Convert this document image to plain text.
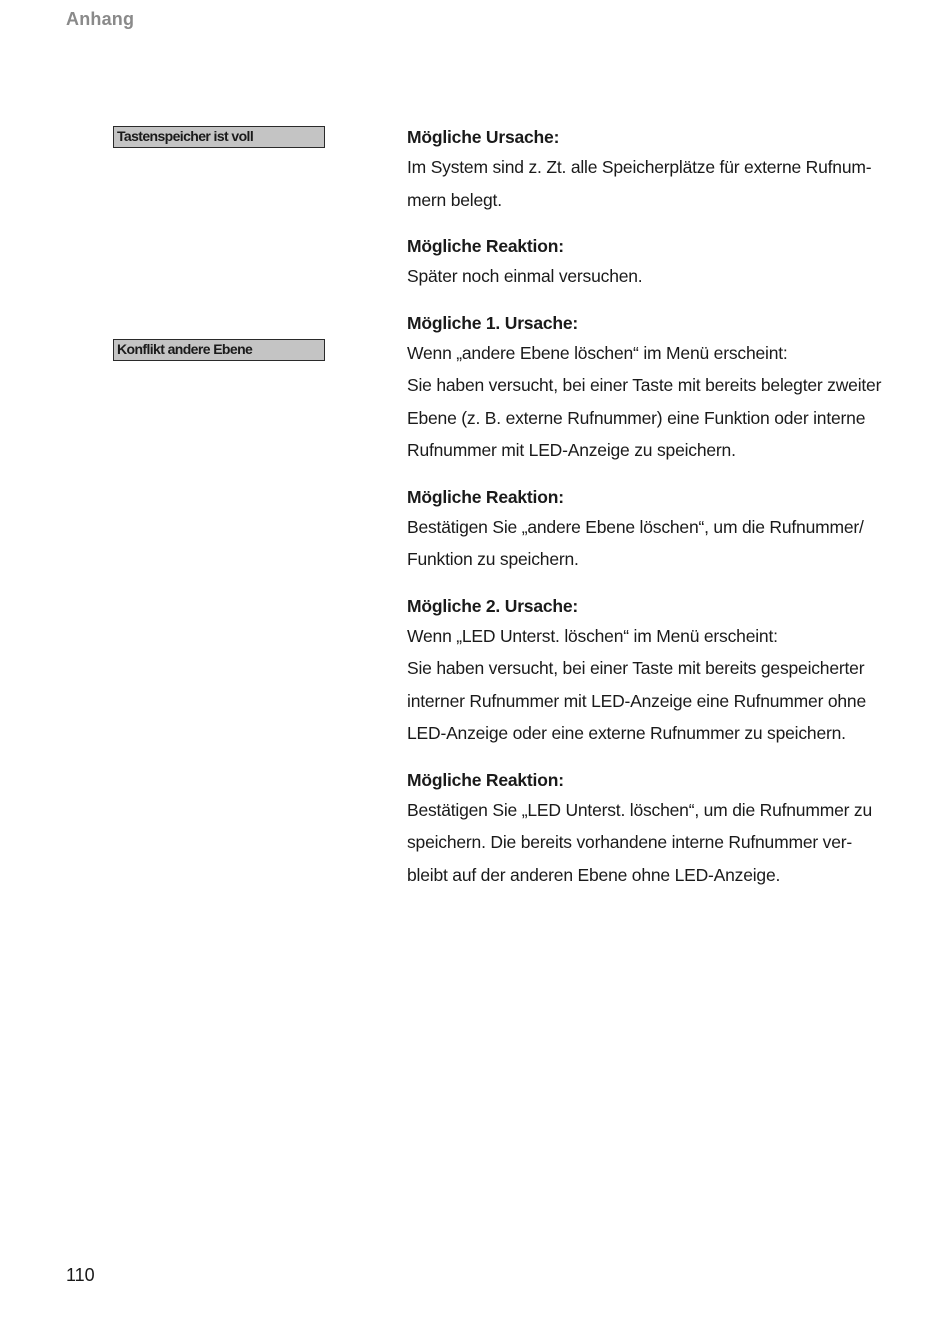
Anhang
Tastenspeicher ist voll
Konflikt andere Ebene

Mögliche Ursache:

Im System sind z. Zt. alle Speicherplätze für externe Rufnum-
mern belegt.

Mögliche Reaktion:

Später noch einmal versuchen.

Mögliche 1. Ursache:

Wenn „andere Ebene löschen“ im Menü erscheint:
Sie haben versucht, bei einer Taste mit bereits belegter zweiter
Ebene (z. B. externe Rufnummer) eine Funktion oder interne
Rufnummer mit LED-Anzeige zu speichern.

Mögliche Reaktion:

Bestätigen Sie „andere Ebene löschen“, um die Rufnummer/
Funktion zu speichern.

Mögliche 2. Ursache:

Wenn „LED Unterst. löschen“ im Menü erscheint:
Sie haben versucht, bei einer Taste mit bereits gespeicherter
interner Rufnummer mit LED-Anzeige eine Rufnummer ohne
LED-Anzeige oder eine externe Rufnummer zu speichern.

Mögliche Reaktion:

Bestätigen Sie „LED Unterst. löschen“, um die Rufnummer zu
speichern. Die bereits vorhandene interne Rufnummer ver-
bleibt auf der anderen Ebene ohne LED-Anzeige.

110
